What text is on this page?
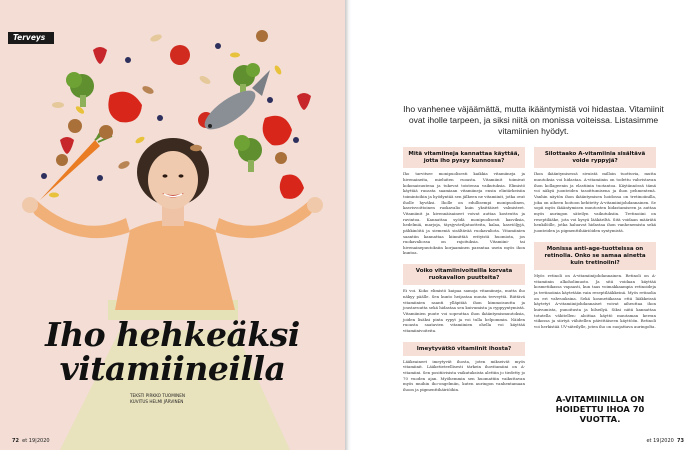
Terveys
Iho hehkeäksi
vitamiineilla
TEKSTI PIRKKO TUOMINEN
KUVITUS HELMI JÄRVINEN
72 et 19|2020
Iho vanhenee väjäämättä, mutta ikääntymistä voi hidastaa. Vitamiinit ovat iholle tarpeen, ja siksi niitä on monissa voiteissa. Listasimme vitamiinien hyödyt.
Mitä vitamiineja kannattaa käyttää, jotta iho pysyy kunnossa?

Iho tarvitsee monipuolisesti kaikkia vitamiineja ja hivenaineita, mieluiten ruoasta. Vitamiinit toimivat kokonaisuutena ja tukevat toistensa vaikutuksia. Elimistö käyttää ruoasta saamiaan vitamiineja ensin elintärkeisiin toimintoihin ja hyödyntää sen jälkeen ne vitamiinit, jotka ovat iholle hyväksi. Iholle on edullisempi monipuolinen, kasvisvoittoinen ruokavalio kuin yksittäiset valmisteet. Vitamiinit ja kivennäisaineet voivat auttaa kosteutta ja ravintoa. Kannattaa syödä monipuolisesti kasviksia, hedelmiä, marjoja, täysjyväviljatuotteita, kalaa, kasviöljyjä, pähkinöitä ja siemeniä sisältävää ruokavaliota. Vitamiinien saantiin kannattaa kiinnittää erityistä huomiota, jos ruokavaliossa on rajoituksia. Vitamiini- tai hivenainepuutoksiin korjaaminen parantaa usein myös ihon kuntoa.

Voiko vitamiinivoiteilla korvata ruokavalion puutteita?

Ei voi. Koko elimistö kaipaa samoja vitamiineja, mutta iho näkyy päälle. Sen kunto heijastaa muuta terveyttä. Riittävä vitamiinien saanti ylläpitää ihon kimmoisuutta ja joustavuutta sekä hidastaa sen kuivumista ja ryppyyntymistä. Vitamiinien puute voi sopeuttaa ihon ikääntymismuutoksia, joiden lisäksi pinta rypyt ja voi tulla helpommin. Näiden ruoasta saatavien vitamiinien ohella voi käyttää vitamiinivoiteita.

Imeytyvätkö vitamiinit ihosta?

Lääkeaineet imeytyvät ihosta, joten mikseivät myös vitamiinit. Lääketieteellisesti tärkein ihovitamiini on A-vitamiini. Sen positiivisista vaikutuksista alettiin jo tiedetty jo 70 vuoden ajan. Myöhemmin sen huomattiin vaikuttavan myös muihin iho-ongelmiin, kuten auringon vanhentamaan ihoon ja pigmenttihäiriöihin.

Silottaako A-vitamiinia sisältävä voide ryppyjä?

Ihon ikääntymisessä sivuistä milloin tuottuvia, mutta muutoksia voi hidastaa. A-vitamiinin on todettu vahvistavan ihon kollageenin ja elastiinin tuotantoa. Käytännössä tämä voi näkyä juonteiden tasoittumisena ja ihon pehmentenä. Vanhin näytön ihon ikääntymisen hoidossa on tretinoiinilla, joka on aiheen hoitoon kehitetty A-vitamiinijohdannainen. Se sopii myös ikääntymisen muutosten hidastamiseen ja auttaa myös auringon säteilyn vaikutuksiin. Tretinoiini on reseptilääke, jota voi kysyä lääkäriltä. Sitä voidaan määrätä henkilöille, jotka haluavat hidastaa ihon vanhenemista sekä juonteiden ja pigmenttihäiriöiden syntymistä.

Monissa anti-age-tuotteissa on retinolia. Onko se samaa ainetta kuin tretinoiini?

Myös retinoli on A-vitamiinijohdannainen. Retinoli on A-vitamiinin alkoholimuoto. Ja sitä voidaan käyttää kosmetiikassa vapaasti, kun taas voimakkaampia retinoideja ja tretinoiinia käytetään vain reseptilääkkeinä. Myös retinolia on eri vahvuuksina. Sekä kosmetiikassa että lääkkeissä käytetyt A-vitamiinijohdannaiset voivat aiheuttaa ihon kuivumista, punoitusta ja hilseilyä. Siksi niitä kannattaa totutella vähitellen: aloittaa käyttö muutaman kerran viikossa ja siirtyä vähitellen päivittäiseen käyttöön. Retinoli voi herkistää UV-säteilylle, joten iho on suojattava auringolta.

A-VITAMIINILLA ON HOIDETTU IHOA 70 VUOTTA.
et 19|2020 73
